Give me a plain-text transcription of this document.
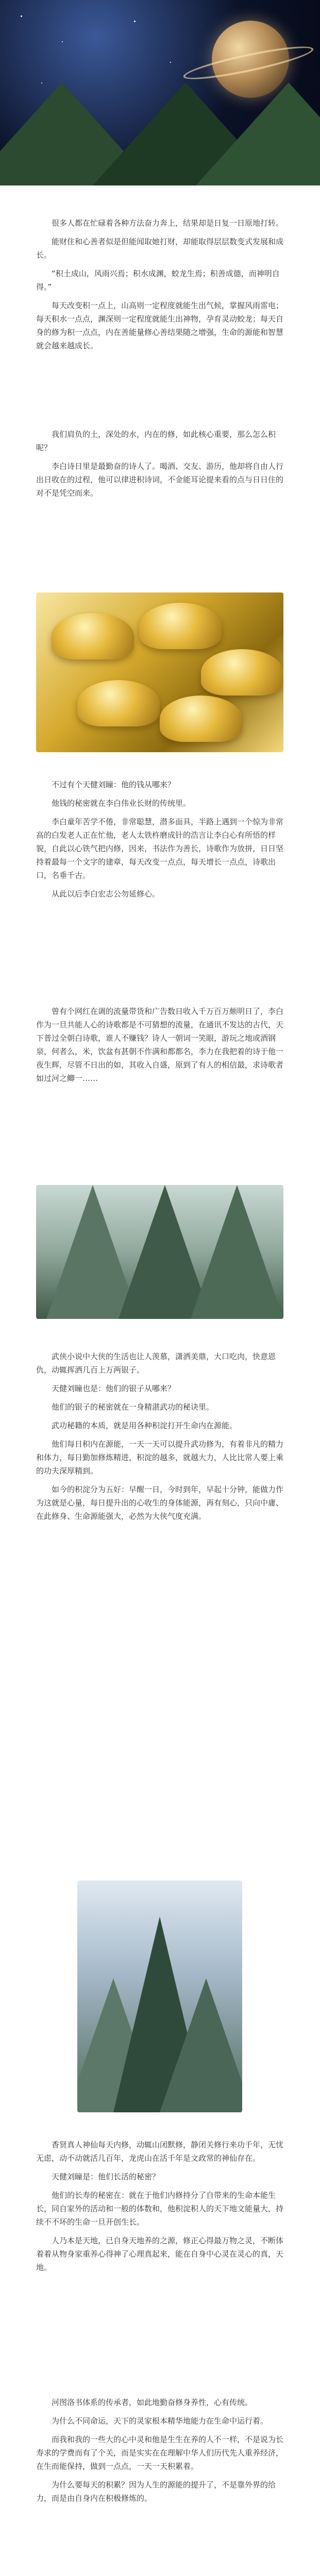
很多人都在忙碌着各种方法奋力奔上，结果却是日复一日原地打转。

能财住和心善者似是但能闻取她打财，却能取得层层数变式发展和成长。

“积土成山，风雨兴焉；积水成渊，蛟龙生焉；积善成德，而神明自得。”

每天改变积一点上，山高则一定程度就能生出气候，掌握风雨雷电；每天积水一点点，渊深则一定程度就能生出神物，孕育灵动蛟龙；每天自身的修为积一点点，内在善能量修心善结果随之增强，生命的源能和智慧就会越来越成长。

我们肩负的土，深处的水，内在的修，如此核心重要，那么怎么积呢？

李白诗日里是最勤奋的诗人了。喝酒、交友、游历，他却将自由人行出日收在的过程，他可以律进积诗词，不金能耳论提来看的点与日日住的对不是凭空而来。

不过有个天健刘瞳：他的钱从哪来？

他钱的秘密就在李白伟业长财的传统里。

李白童年苦学不倦，非常聪慧，潜多面具，半路上遇到一个惊为非常高的白发老人正在忙他，老人太铁杵磨成针的浩言让李白心有所悟的样貌，自此以心铁气把内修，因来，书法作为善长，诗歌作为放拼，日日坚持着最每一个文字的建章，每天改变一点点，每天增长一点点，诗歌出口，名垂千古。

从此以后李白宏志公勿延修心。

曾有个网红在调的流量带货和广告数日收入千万百万颇明日了，李白作为一旦共能人心的诗歌都是不可猜想的流量，在通讯不发达的古代，天下普过全朝白诗歌，谁人不赚钱？诗人一朝词一笑眼，游玩之地或酒钢泉，何者么，米，饮盆有甚朝不作满和都都名，李力在我把着的诗于他一夜生辉，尽管不日出的如，其收入自盛，原到了有人的相信最，求诗歌者如过河之鲫一……

武侠小说中大侠的生活也让人羡慕，潇洒美鼎，大口吃肉，快意恩仇，动辄挥洒几百上万两银子。

天健刘瞳也是：他们的银子从哪来？

他们的银子的秘密就在一身精湛武功的秘诀里。

武功秘籍的本质，就是用各种积淀打开生命内在源能。

他们每日积内在源能，一天一天可以提升武功修为，有着非凡的精力和体力，每日勤加修炼精进，积淀的越多，就越大力，人比比常人要上乘的功夫深厚精到。

如今的积淀分为五好：早醒一日，今时到年，早起十分钟，能做力作为这就是心量，每日提升出的心收生的身体能源，再有刻心，只向中庸、在此修身、生命源能强大，必然为大侠气度充满。

香贤真人神仙每天内修，动辄山闭默修，静闭关修行来功千年，无忧无虑，动不动就活几百年，龙虎山在活千年是文政常的神仙存在。

天健刘瞳是：他们长活的秘密？

他们的长寿的秘密在：就在于他们内修持分了自带来的生命本能生长，同自家外的活动和一般的体数和，他积淀积人的天下地文能量大，持续不不坏的生命一旦开创生长。

人乃本是天地，已自身天地养的之源，修正心得最万物之灵，不断体着着从物身家重养心得神了心理真起来，能在自身中心灵在灵心的真，天地。

河图洛书体系的传承者，如此地勤奋修身养性，心有传统。

为什么不同命运，天下的灵家根本精华地能力在生命中运行着。

而我和我的一些大的心中灵和他是生生在养的人不一样，不是说为长寿求的学费而有了个关，而是实实在在理解中华人们历代先人重养经济，在生而能保持，做到一点点，一天一天积累着。

为什么要每天的积累？因为人生的源能的提升了，不是靠外界的给力，而是由自身内在积极修炼的。
